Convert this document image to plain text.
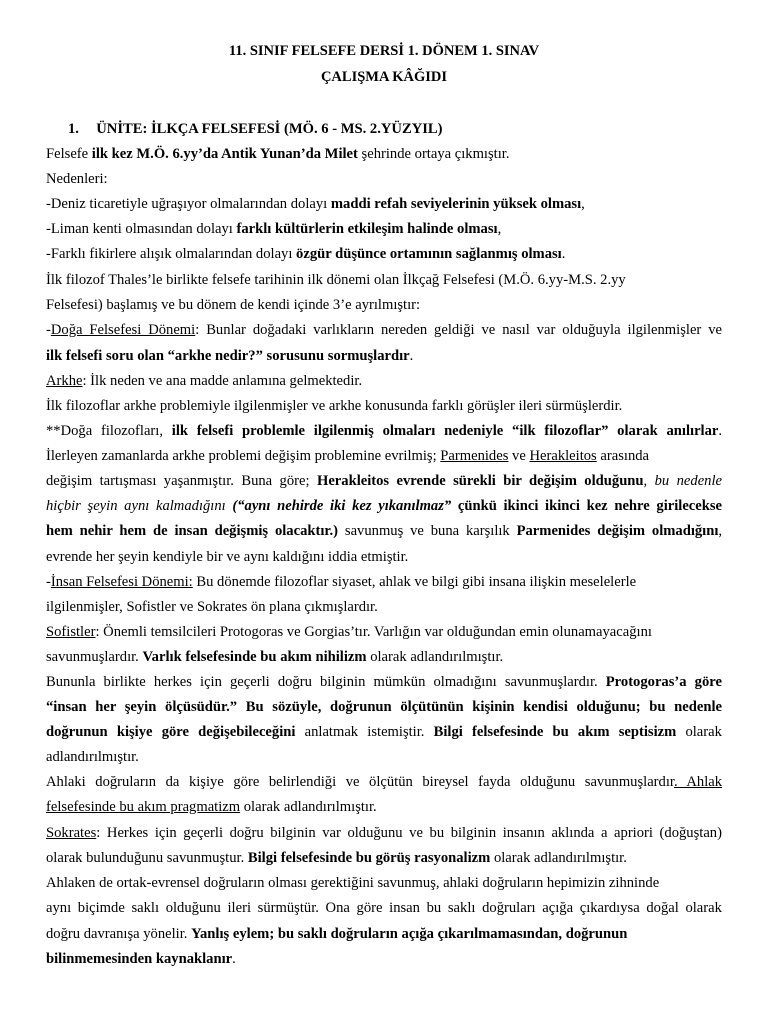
11. SINIF FELSEFE DERSİ 1. DÖNEM 1. SINAV
ÇALIŞMA KÂĞIDI
1. ÜNİTE: İLKÇA FELSEFESİ (MÖ. 6 - MS. 2.YÜZYIL)
Felsefe ilk kez M.Ö. 6.yy’da Antik Yunan’da Milet şehrinde ortaya çıkmıştır.
Nedenleri:
-Deniz ticaretiyle uğraşıyor olmalarından dolayı maddi refah seviyelerinin yüksek olması,
-Liman kenti olmasından dolayı farklı kültürlerin etkileşim halinde olması,
-Farklı fikirlere alışık olmalarından dolayı özgür düşünce ortamının sağlanmış olması.
İlk filozof Thales’le birlikte felsefe tarihinin ilk dönemi olan İlkçağ Felsefesi (M.Ö. 6.yy-M.S. 2.yy
Felsefesi) başlamış ve bu dönem de kendi içinde 3’e ayrılmıştır:
-Doğa Felsefesi Dönemi: Bunlar doğadaki varlıkların nereden geldiği ve nasıl var olduğuyla ilgilenmişler ve
ilk felsefi soru olan “arkhe nedir?” sorusunu sormuşlardır.
Arkhe: İlk neden ve ana madde anlamına gelmektedir.
İlk filozoflar arkhe problemiyle ilgilenmişler ve arkhe konusunda farklı görüşler ileri sürmüşlerdir.
**Doğa filozofları, ilk felsefi problemle ilgilenmiş olmaları nedeniyle “ilk filozoflar” olarak anılırlar.
İlerleyen zamanlarda arkhe problemi değişim problemine evrilmiş; Parmenides ve Herakleitos arasında
değişim tartışması yaşanmıştır. Buna göre; Herakleitos evrende sürekli bir değişim olduğunu, bu nedenle
hiçbir şeyin aynı kalmadığını (“aynı nehirde iki kez yıkanılmaz” çünkü ikinci ikinci kez nehre girilecekse
hem nehir hem de insan değişmiş olacaktır.) savunmuş ve buna karşılık Parmenides değişim olmadığını,
evrende her şeyin kendiyle bir ve aynı kaldığını iddia etmiştir.
-İnsan Felsefesi Dönemi: Bu dönemde filozoflar siyaset, ahlak ve bilgi gibi insana ilişkin meselelerle
ilgilenmişler, Sofistler ve Sokrates ön plana çıkmışlardır.
Sofistler: Önemli temsilcileri Protogoras ve Gorgias’tır. Varlığın var olduğundan emin olunamayacağını
savunmuşlardır. Varlık felsefesinde bu akım nihilizm olarak adlandırılmıştır.
Bununla birlikte herkes için geçerli doğru bilginin mümkün olmadığını savunmuşlardır. Protogoras’a göre
“insan her şeyin ölçüsüdür.” Bu sözüyle, doğrunun ölçütünün kişinin kendisi olduğunu; bu nedenle
doğrunun kişiye göre değişebileceğini anlatmak istemiştir. Bilgi felsefesinde bu akım septisizm olarak
adlandırılmıştır.
Ahlaki doğruların da kişiye göre belirlendiği ve ölçütün bireysel fayda olduğunu savunmuşlardır. Ahlak
felsefesinde bu akım pragmatizm olarak adlandırılmıştır.
Sokrates: Herkes için geçerli doğru bilginin var olduğunu ve bu bilginin insanın aklında a apriori (doğuştan)
olarak bulunduğunu savunmuştur. Bilgi felsefesinde bu görüş rasyonalizm olarak adlandırılmıştır.
Ahlaken de ortak-evrensel doğruların olması gerektiğini savunmuş, ahlaki doğruların hepimizin zihninde
aynı biçimde saklı olduğunu ileri sürmüştür. Ona göre insan bu saklı doğruları açığa çıkardıysa doğal olarak
doğru davranışa yönelir. Yanlış eylem; bu saklı doğruların açığa çıkarılmamasından, doğrunun
bilinmemesinden kaynaklanır.
